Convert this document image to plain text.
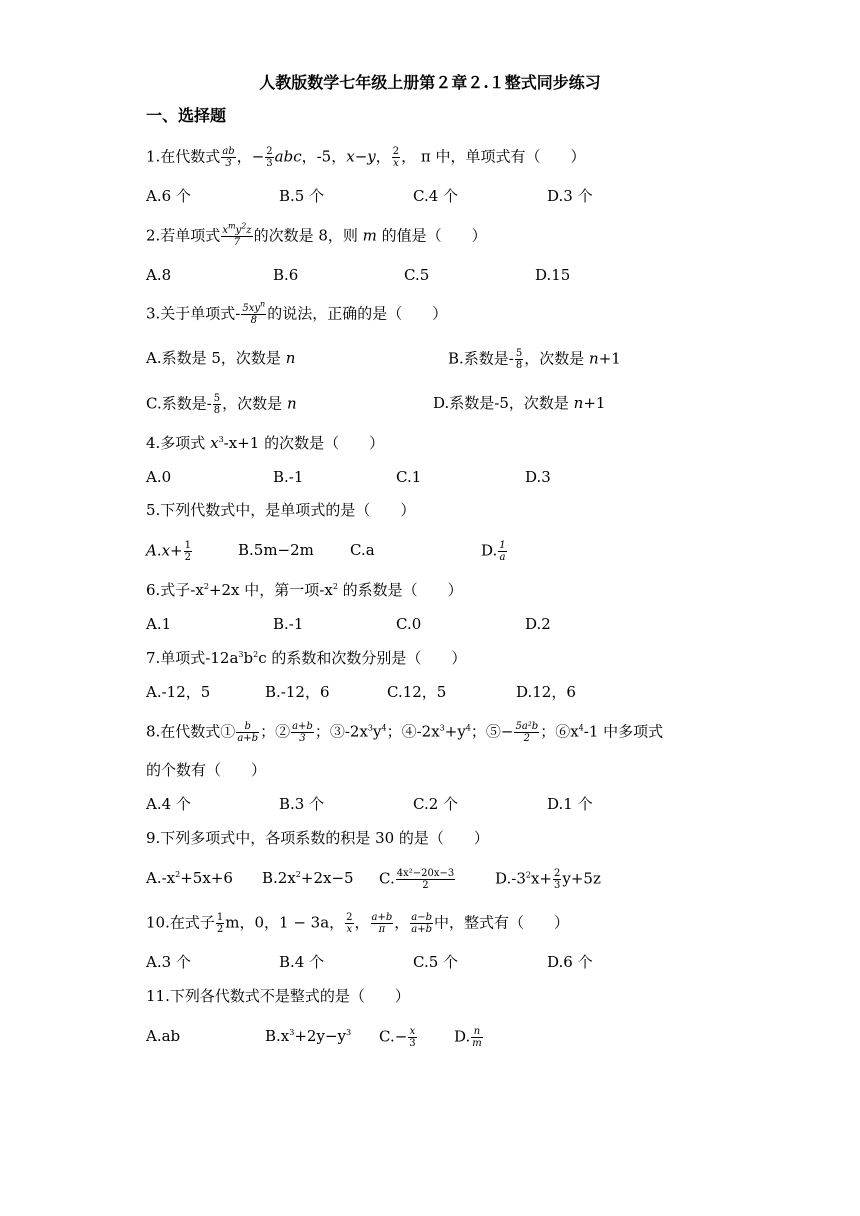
人教版数学七年级上册第２章２.１整式同步练习
一、选择题
1.在代数式 $\frac{ab}{3}$ ，− $\frac{2}{3}$ abc，-5，x−y， $\frac{2}{x}$ ， π 中，单项式有（　　）
A.6 个	B.5 个	C.4 个	D.3 个
2.若单项式 $\frac{x^my^2z}{7}$ 的次数是 8，则 m 的值是（　　）
A.8	B.6	C.5	D.15
3.关于单项式- $\frac{5xy^n}{8}$ 的说法，正确的是（　　）
A.系数是 5，次数是 n	B.系数是- $\frac{5}{8}$ ，次数是 n+1
C.系数是- $\frac{5}{8}$ ，次数是 n	D.系数是-5，次数是 n+1
4.多项式 $x^3-x+1$ 的次数是（　　）
A.0	B.-1	C.1	D.3
5.下列代数式中，是单项式的是（　　）
$A.x+ \frac{1}{2}$	B.5m−2m C.a	D. $\frac{1}{a}$
6.式子$-x^2+2x$ 中，第一项$-x^2$ 的系数是（　　）
A.1	B.-1	C.0	D.2
7.单项式$-12a^3b^2c$ 的系数和次数分别是（　　）
A.-12，5	B.-12，6	C.12，5	D.12，6
8.在代数式① $\frac{b}{a+b}$ ；② $\frac{a+b}{3}$ ；$③-2x^3y^4$；$④-2x^3+y^4$；⑤− $\frac{\text{5a²b}}{2}$ ；$⑥x^4-1$ 中多项式
的个数有（　　）
A.4 个	B.3 个	C.2 个	D.1 个
9.下列多项式中，各项系数的积是 30 的是（　　）
$A.-x^2+5x+6$ $B.2x^2+2x-5$ C. $\frac{\text{4x²−20x−3}}{2}$	$D.-3^2x+ \frac{2}{3} y+5z$
10.在式子 $\frac{1}{2}$ m，0，1 − 3a， $\frac{2}{x}$ ， $\frac{a+b}{\pi}$ ， $\frac{a-b}{a+b}$ 中，整式有（　　）
A.3 个	B.4 个	C.5 个	D.6 个
11.下列各代数式不是整式的是（　　）
A.ab	$B.x^3+2y-y^3$ $C.- \frac{x}{3} D$. $\frac{n}{m}$
